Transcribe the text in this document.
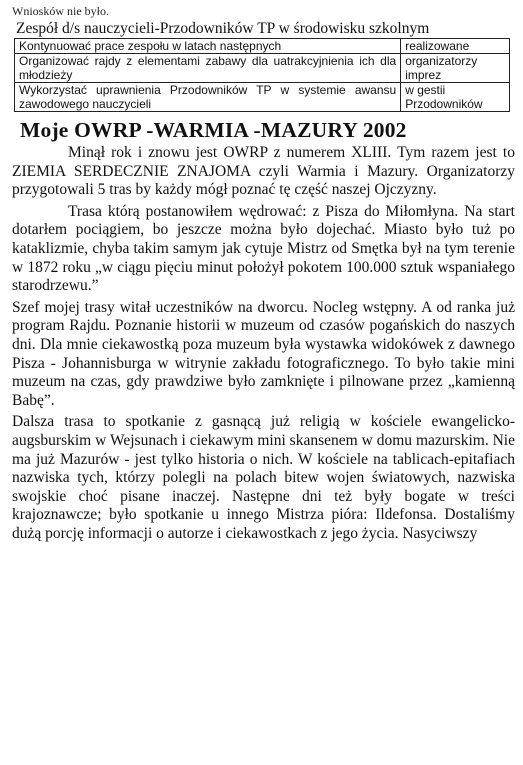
Wniosków nie było.

Zespół d/s nauczycieli-Przodowników TP w środowisku szkolnym

Kontynuować prace zespołu w latach następnych	realizowane
Organizować rajdy z elementami zabawy dla uatrakcyjnienia ich dla młodzieży	organizatorzy imprez
Wykorzystać uprawnienia Przodowników TP w systemie awansu zawodowego nauczycieli	w gestii Przodowników
Moje OWRP -WARMIA -MAZURY 2002

Minął rok i znowu jest OWRP z numerem XLIII. Tym razem jest to ZIEMIA SERDECZNIE ZNAJOMA czyli Warmia i Mazury. Organizatorzy przygotowali 5 tras by każdy mógł poznać tę część naszej Ojczyzny.

Trasa którą postanowiłem wędrować: z Pisza do Miłomłyna. Na start dotarłem pociągiem, bo jeszcze można było dojechać. Miasto było tuż po kataklizmie, chyba takim samym jak cytuje Mistrz od Smętka był na tym terenie w 1872 roku „w ciągu pięciu minut położył pokotem 100.000 sztuk wspaniałego starodrzewu.”

Szef mojej trasy witał uczestników na dworcu. Nocleg wstępny. A od ranka już program Rajdu. Poznanie historii w muzeum od czasów pogańskich do naszych dni. Dla mnie ciekawostką poza muzeum była wystawka widokówek z dawnego Pisza - Johannisburga w witrynie zakładu fotograficznego. To było takie mini muzeum na czas, gdy prawdziwe było zamknięte i pilnowane przez „kamienną Babę”.

Dalsza trasa to spotkanie z gasnącą już religią w kościele ewangelicko-augsburskim w Wejsunach i ciekawym mini skansenem w domu mazurskim. Nie ma już Mazurów - jest tylko historia o nich. W kościele na tablicach-epitafiach nazwiska tych, którzy polegli na polach bitew wojen światowych, nazwiska swojskie choć pisane inaczej. Następne dni też były bogate w treści krajoznawcze; było spotkanie u innego Mistrza pióra: Ildefonsa. Dostaliśmy dużą porcję informacji o autorze i ciekawostkach z jego życia. Nasyciwszy
